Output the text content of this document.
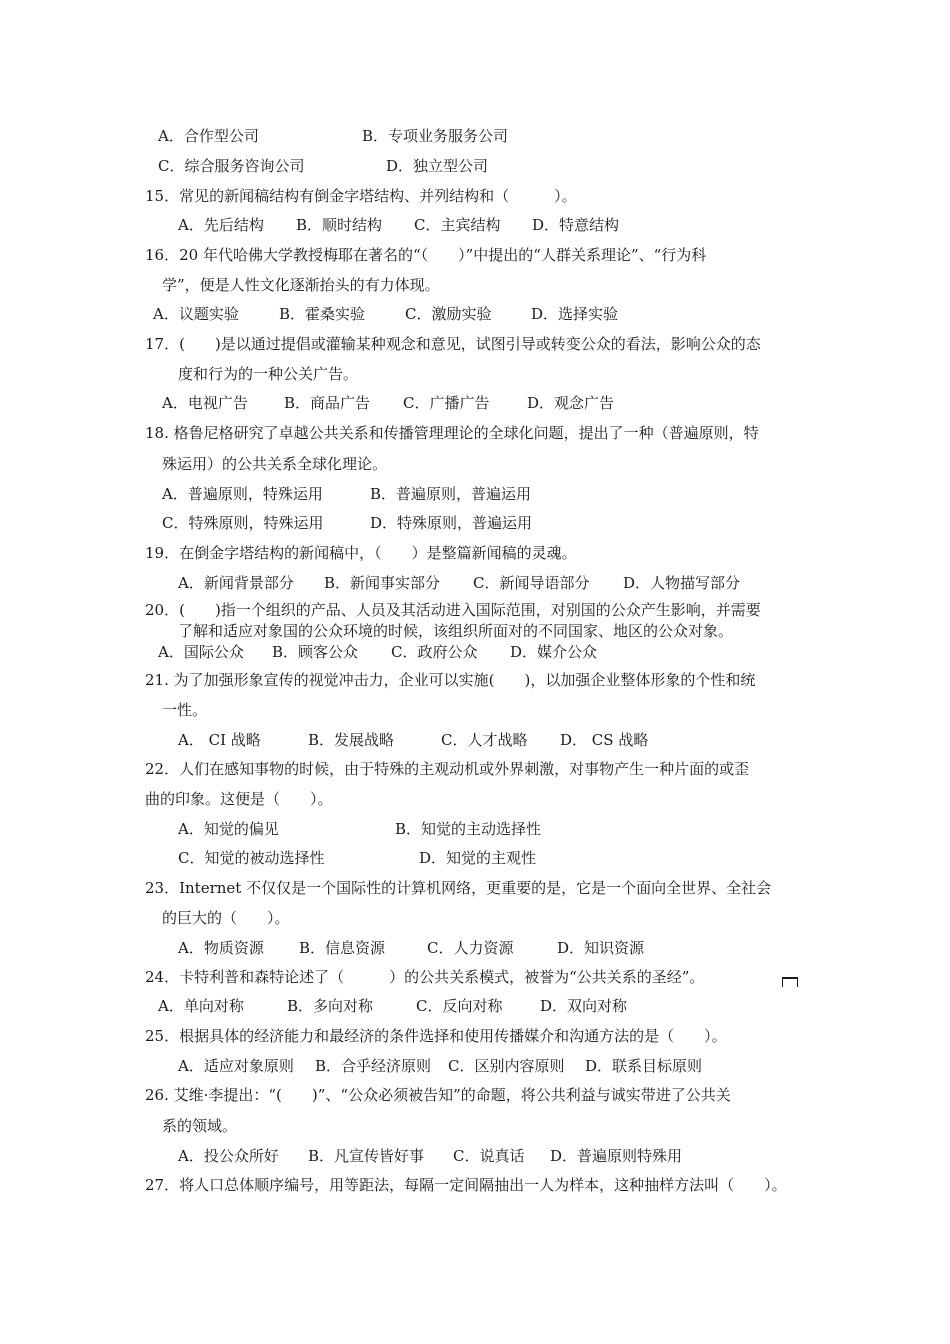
A．合作型公司	B．专项业务服务公司
C．综合服务咨询公司	D．独立型公司
15．常见的新闻稿结构有倒金字塔结构、并列结构和（　　　）。
A．先后结构 B．顺时结构 C．主宾结构 D．特意结构
16．20 年代哈佛大学教授梅耶在著名的“（　　）”中提出的“人群关系理论”、“行为科
学”，便是人性文化逐渐抬头的有力体现。
A．议题实验	B．霍桑实验	C．激励实验	D．选择实验
17．(　　)是以通过提倡或灌输某种观念和意见，试图引导或转变公众的看法，影响公众的态
度和行为的一种公关广告。
A．电视广告 B．商品广告 C．广播广告	D．观念广告
18. 格鲁尼格研究了卓越公共关系和传播管理理论的全球化问题，提出了一种（普遍原则，特
殊运用）的公共关系全球化理论。
A．普遍原则，特殊运用	B．普遍原则，普遍运用
C．特殊原则，特殊运用	D．特殊原则，普遍运用
19．在倒金字塔结构的新闻稿中，（　　）是整篇新闻稿的灵魂。
A．新闻背景部分 B．新闻事实部分 C．新闻导语部分 D．人物描写部分
20．(　　)指一个组织的产品、人员及其活动进入国际范围，对别国的公众产生影响，并需要
了解和适应对象国的公众环境的时候，该组织所面对的不同国家、地区的公众对象。
A．国际公众 B．顾客公众 C．政府公众 D．媒介公众
21. 为了加强形象宣传的视觉冲击力，企业可以实施(　　)，以加强企业整体形象的个性和统
一性。
A． CI 战略	B．发展战略	C．人才战略 D． CS 战略
22．人们在感知事物的时候，由于特殊的主观动机或外界刺激，对事物产生一种片面的或歪
曲的印象。这便是（　　）。
A．知觉的偏见	B．知觉的主动选择性
C．知觉的被动选择性	D．知觉的主观性
23．Internet 不仅仅是一个国际性的计算机网络，更重要的是，它是一个面向全世界、全社会
的巨大的（　　）。
A．物质资源 B．信息资源	C．人力资源	D．知识资源
24．卡特利普和森特论述了（　　　）的公共关系模式，被誉为“公共关系的圣经”。
A．单向对称	B．多向对称	C．反向对称	D．双向对称
25．根据具体的经济能力和最经济的条件选择和使用传播媒介和沟通方法的是（　　）。
A．适应对象原则 B．合乎经济原则 C．区别内容原则 D．联系目标原则
26. 艾维·李提出：“(　　)”、“公众必须被告知”的命题，将公共利益与诚实带进了公共关
系的领域。
A．投公众所好 B．凡宣传皆好事 C．说真话 D．普遍原则特殊用
27．将人口总体顺序编号，用等距法，每隔一定间隔抽出一人为样本，这种抽样方法叫（　　）。
